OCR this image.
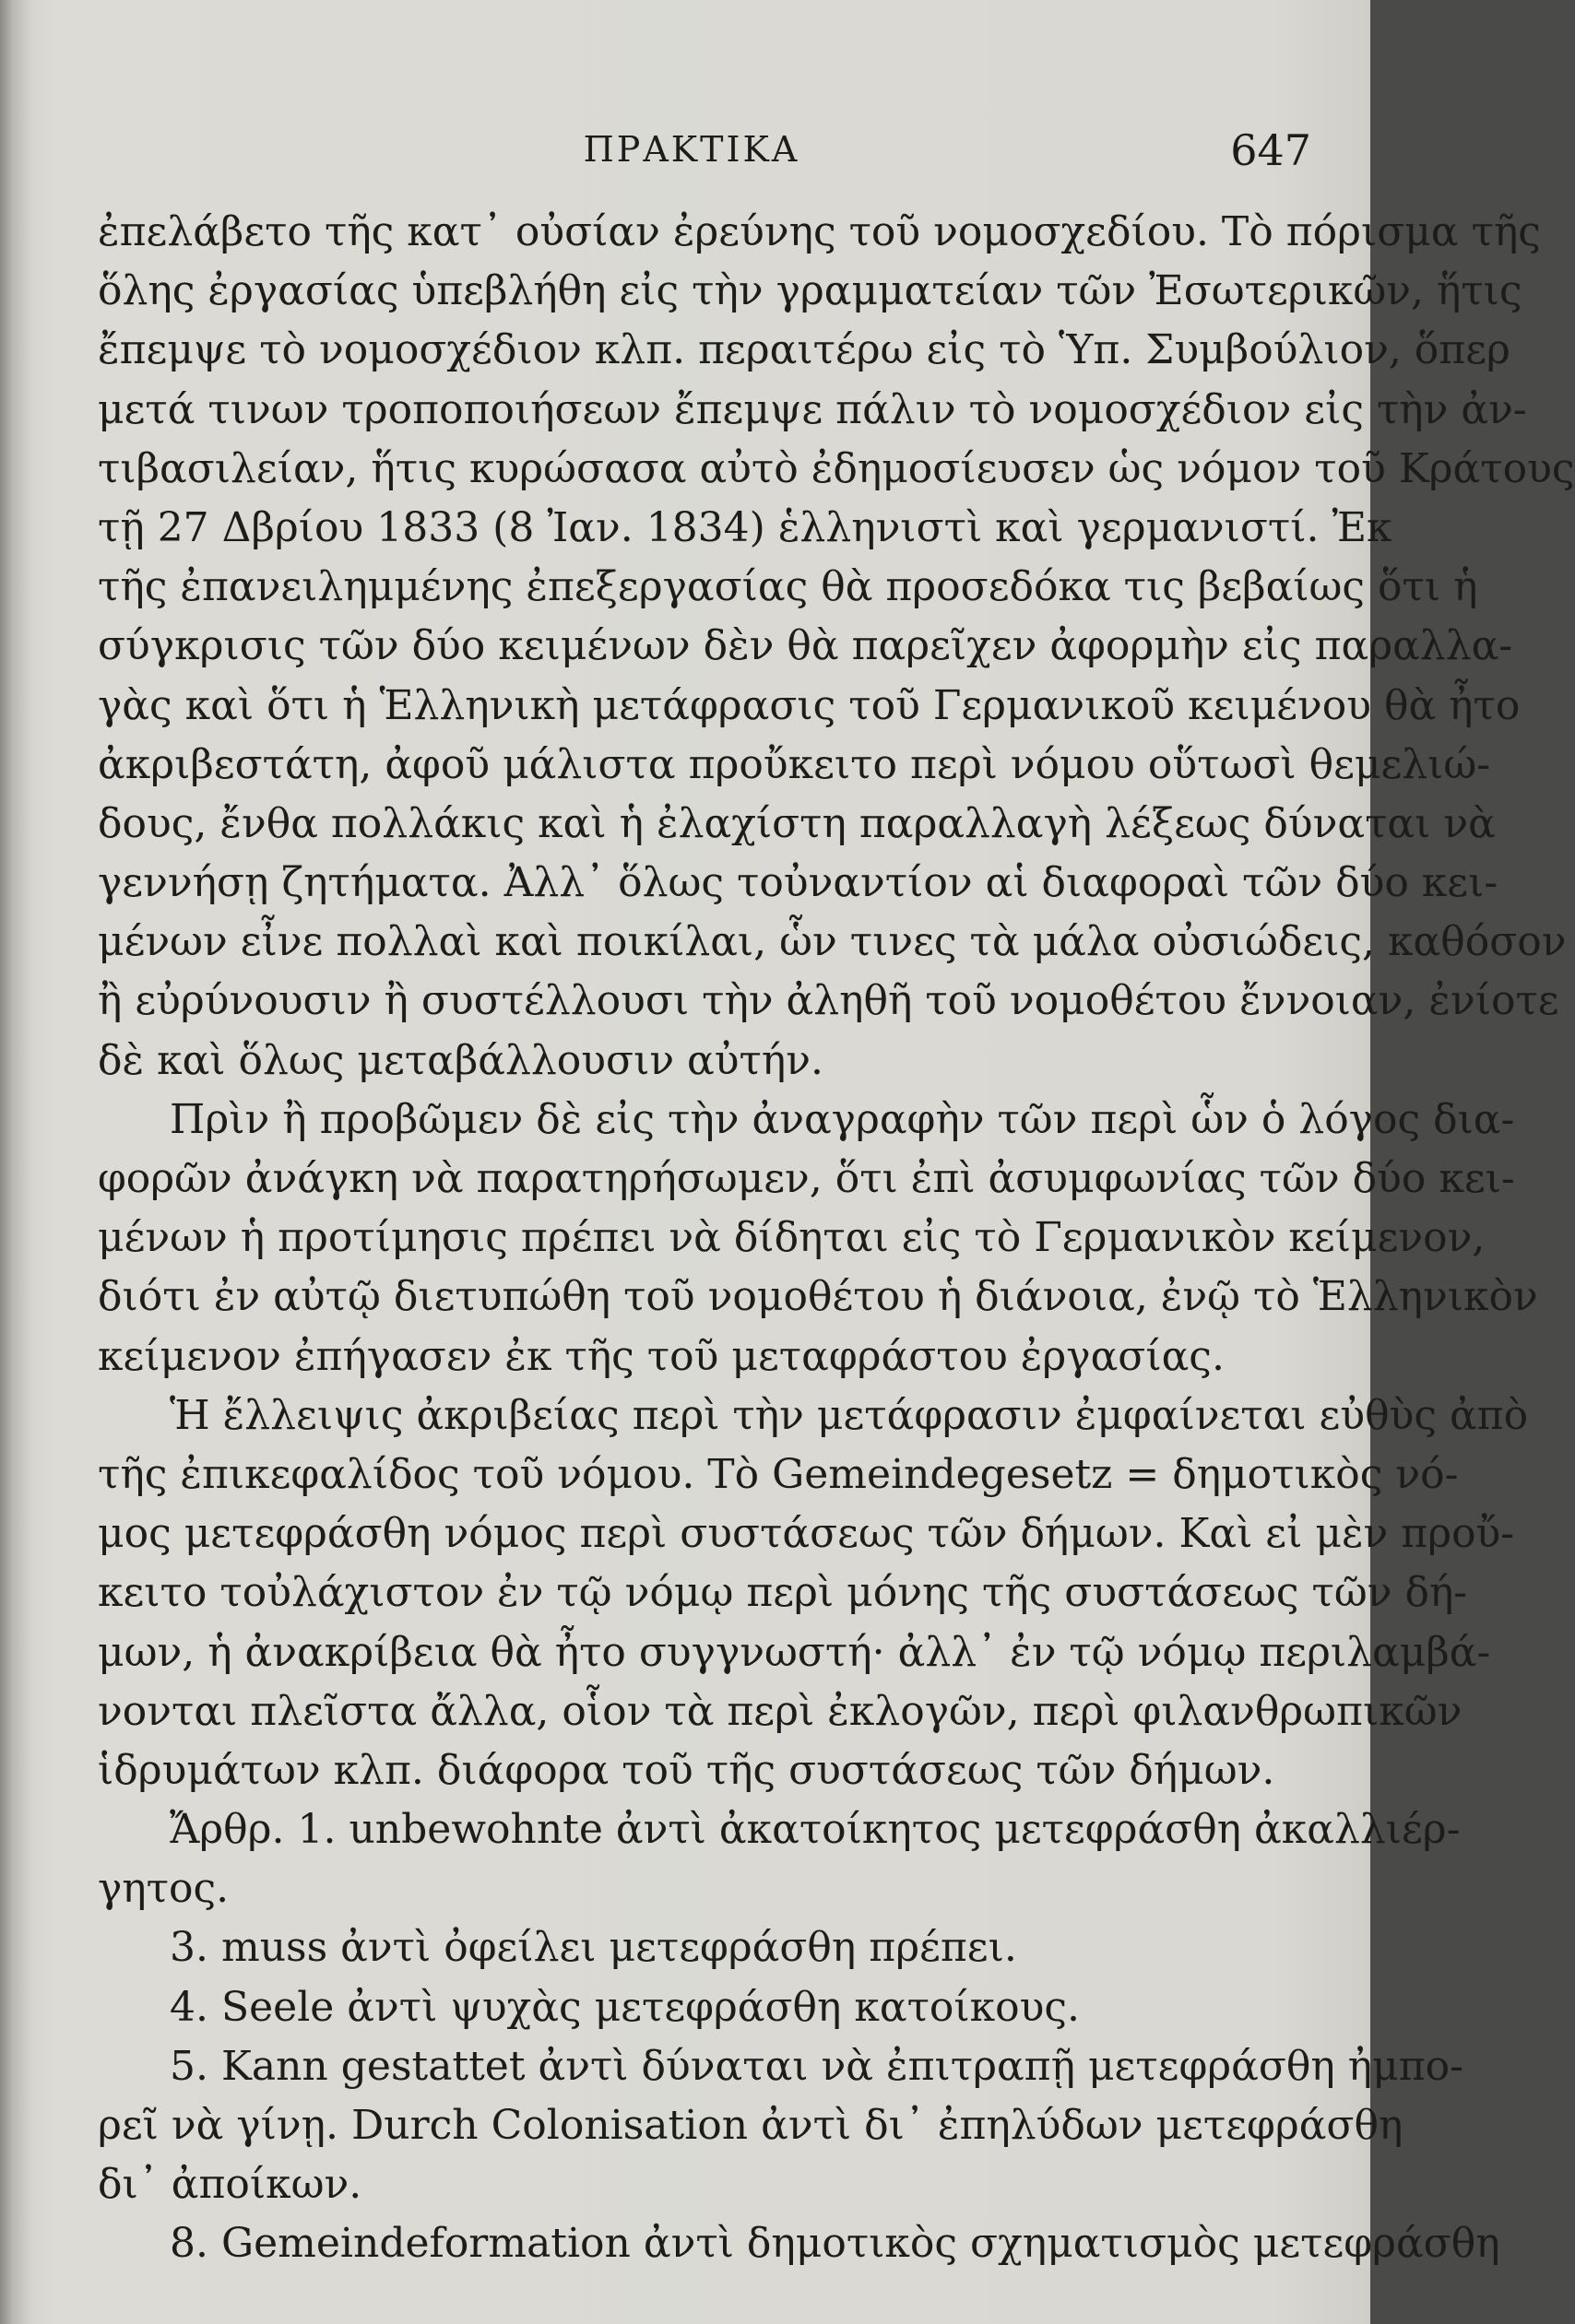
ΠΡΑΚΤΙΚΑ	647
ἐπελάβετο τῆς κατ᾽ οὐσίαν ἐρεύνης τοῦ νομοσχεδίου. Τὸ πόρισμα τῆς
ὅλης ἐργασίας ὑπεβλήθη εἰς τὴν γραμματείαν τῶν Ἐσωτερικῶν, ἥτις
ἔπεμψε τὸ νομοσχέδιον κλπ. περαιτέρω εἰς τὸ Ὑπ. Συμβούλιον, ὅπερ
μετά τινων τροποποιήσεων ἔπεμψε πάλιν τὸ νομοσχέδιον εἰς τὴν ἀν-
τιβασιλείαν, ἥτις κυρώσασα αὐτὸ ἐδημοσίευσεν ὡς νόμον τοῦ Κράτους
τῇ 27 Δβρίου 1833 (8 Ἰαν. 1834) ἑλληνιστὶ καὶ γερμανιστί. Ἐκ
τῆς ἐπανειλημμένης ἐπεξεργασίας θὰ προσεδόκα τις βεβαίως ὅτι ἡ
σύγκρισις τῶν δύο κειμένων δὲν θὰ παρεῖχεν ἀφορμὴν εἰς παραλλα-
γὰς καὶ ὅτι ἡ Ἑλληνικὴ μετάφρασις τοῦ Γερμανικοῦ κειμένου θὰ ἦτο
ἀκριβεστάτη, ἀφοῦ μάλιστα προὔκειτο περὶ νόμου οὕτωσὶ θεμελιώ-
δους, ἔνθα πολλάκις καὶ ἡ ἐλαχίστη παραλλαγὴ λέξεως δύναται νὰ
γεννήσῃ ζητήματα. Ἀλλ᾽ ὅλως τοὐναντίον αἱ διαφοραὶ τῶν δύο κει-
μένων εἶνε πολλαὶ καὶ ποικίλαι, ὧν τινες τὰ μάλα οὐσιώδεις, καθόσον
ἢ εὐρύνουσιν ἢ συστέλλουσι τὴν ἀληθῆ τοῦ νομοθέτου ἔννοιαν, ἐνίοτε
δὲ καὶ ὅλως μεταβάλλουσιν αὐτήν.
Πρὶν ἢ προβῶμεν δὲ εἰς τὴν ἀναγραφὴν τῶν περὶ ὧν ὁ λόγος δια-
φορῶν ἀνάγκη νὰ παρατηρήσωμεν, ὅτι ἐπὶ ἀσυμφωνίας τῶν δύο κει-
μένων ἡ προτίμησις πρέπει νὰ δίδηται εἰς τὸ Γερμανικὸν κείμενον,
διότι ἐν αὐτῷ διετυπώθη τοῦ νομοθέτου ἡ διάνοια, ἐνῷ τὸ Ἑλληνικὸν
κείμενον ἐπήγασεν ἐκ τῆς τοῦ μεταφράστου ἐργασίας.
Ἡ ἔλλειψις ἀκριβείας περὶ τὴν μετάφρασιν ἐμφαίνεται εὐθὺς ἀπὸ
τῆς ἐπικεφαλίδος τοῦ νόμου. Τὸ Gemeindegesetz = δημοτικὸς νό-
μος μετεφράσθη νόμος περὶ συστάσεως τῶν δήμων. Καὶ εἰ μὲν προὔ-
κειτο τοὐλάχιστον ἐν τῷ νόμῳ περὶ μόνης τῆς συστάσεως τῶν δή-
μων, ἡ ἀνακρίβεια θὰ ἦτο συγγνωστή· ἀλλ᾽ ἐν τῷ νόμῳ περιλαμβά-
νονται πλεῖστα ἄλλα, οἷον τὰ περὶ ἐκλογῶν, περὶ φιλανθρωπικῶν
ἱδρυμάτων κλπ. διάφορα τοῦ τῆς συστάσεως τῶν δήμων.
Ἄρθρ. 1. unbewohnte ἀντὶ ἀκατοίκητος μετεφράσθη ἀκαλλιέρ-
γητος.
3. muss ἀντὶ ὀφείλει μετεφράσθη πρέπει.
4. Seele ἀντὶ ψυχὰς μετεφράσθη κατοίκους.
5. Kann gestattet ἀντὶ δύναται νὰ ἐπιτραπῇ μετεφράσθη ἠμπο-
ρεῖ νὰ γίνῃ. Durch Colonisation ἀντὶ δι᾽ ἐπηλύδων μετεφράσθη
δι᾽ ἀποίκων.
8. Gemeindeformation ἀντὶ δημοτικὸς σχηματισμὸς μετεφράσθη
